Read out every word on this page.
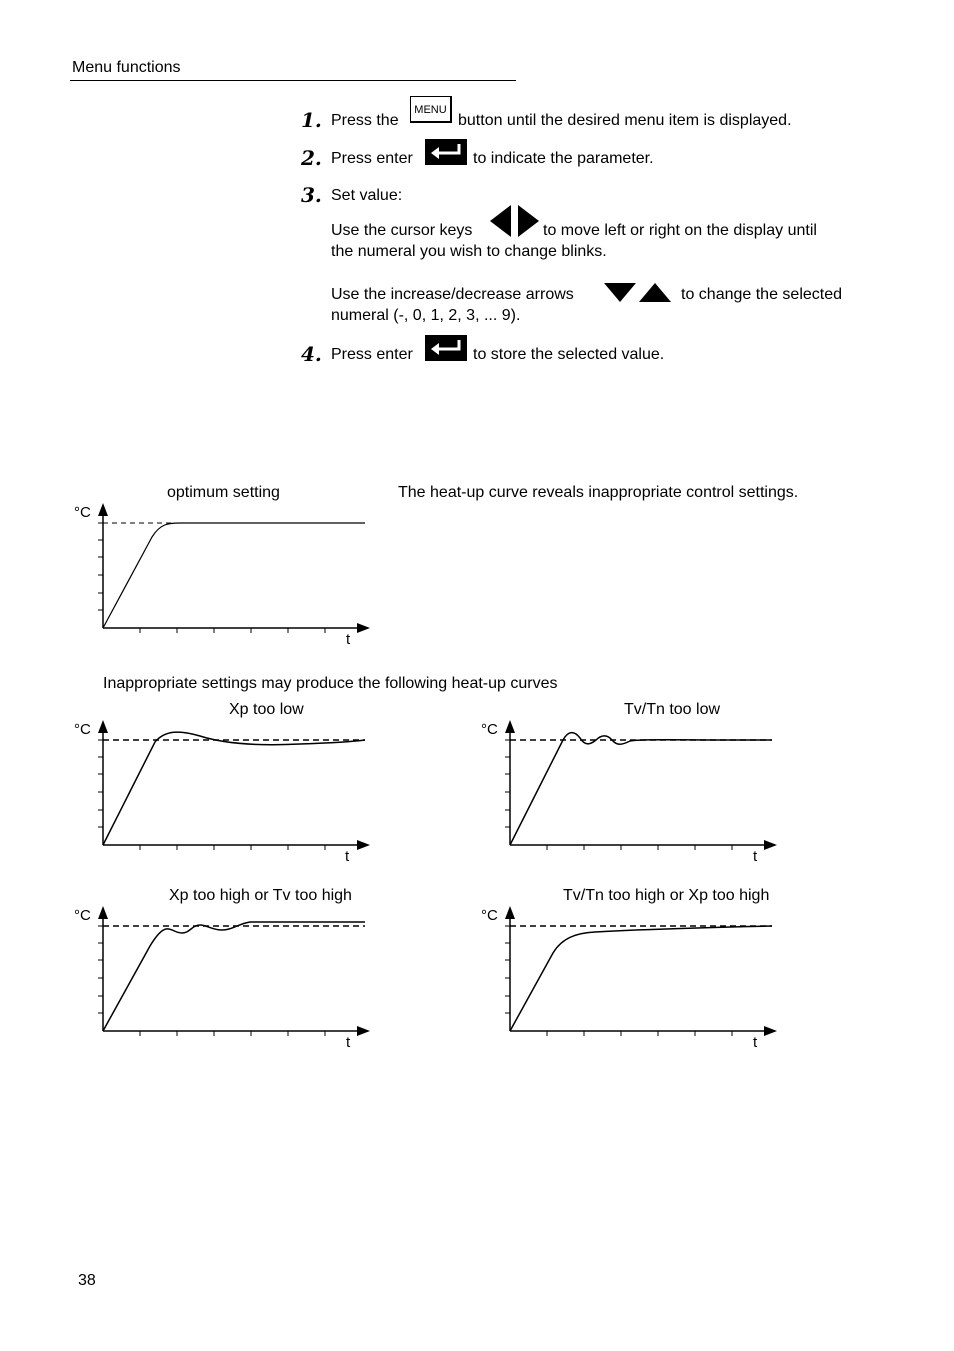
Menu functions
1. Press the
MENU
button until the desired menu item is displayed.
2. Press enter	to indicate the parameter.
3. Set value:
Use the cursor keys	to move left or right on the display until
the numeral you wish to change blinks.
Use the increase/decrease arrows	to change the selected
numeral (-, 0, 1, 2, 3, ... 9).
4. Press enter	to store the selected value.
The heat-up curve reveals inappropriate control settings.
Inappropriate settings may produce the following heat-up curves
optimum setting
Xp too low	Tv/Tn too low
Xp too high or Tv too high	Tv/Tn too high or Xp too high
°C
t
°C
t
°C
t
°C
t
°C
t
38
